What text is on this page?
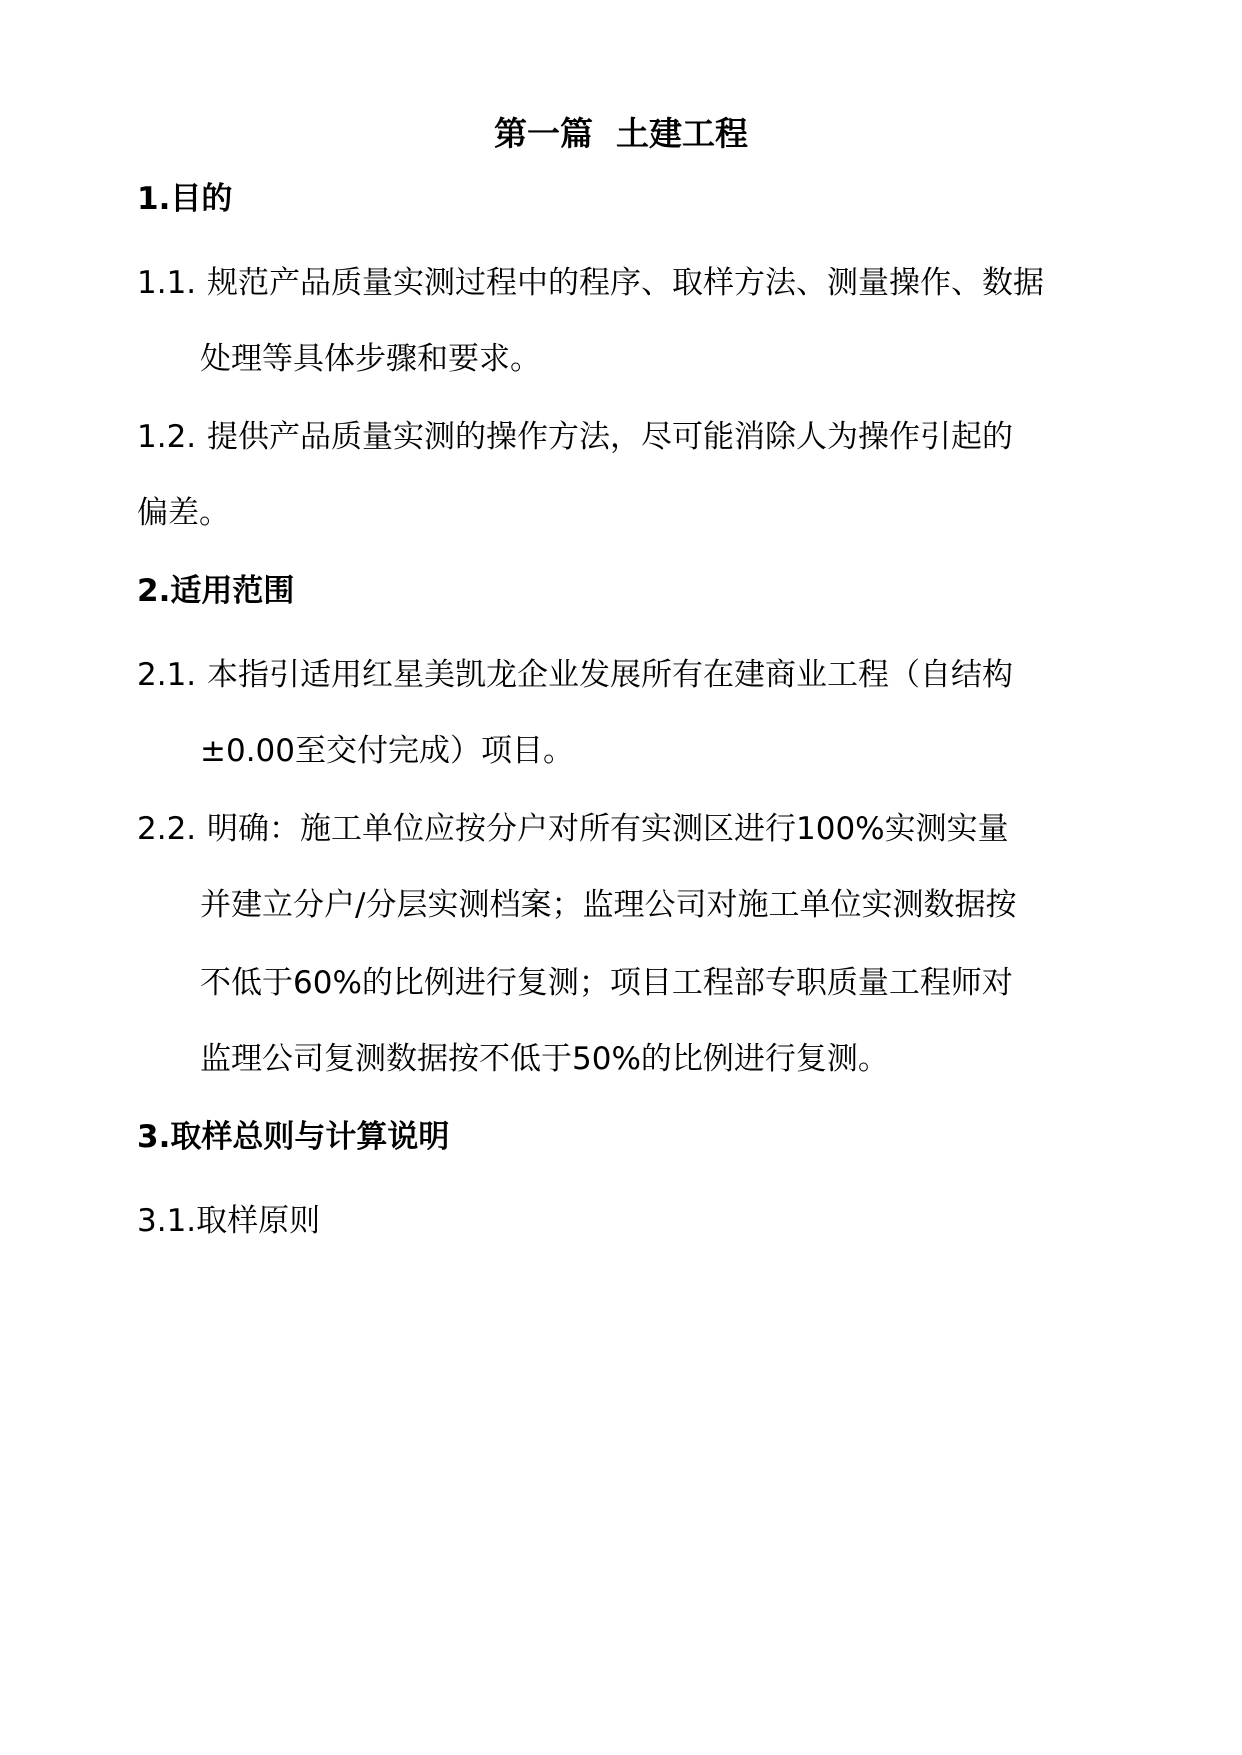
第一篇  土建工程
1.目的
1.1. 规范产品质量实测过程中的程序、取样方法、测量操作、数据
处理等具体步骤和要求。
1.2. 提供产品质量实测的操作方法，尽可能消除人为操作引起的
偏差。
2.适用范围
2.1. 本指引适用红星美凯龙企业发展所有在建商业工程（自结构
±0.00至交付完成）项目。
2.2. 明确：施工单位应按分户对所有实测区进行100%实测实量
并建立分户/分层实测档案；监理公司对施工单位实测数据按
不低于60%的比例进行复测；项目工程部专职质量工程师对
监理公司复测数据按不低于50%的比例进行复测。
3.取样总则与计算说明
3.1.取样原则
